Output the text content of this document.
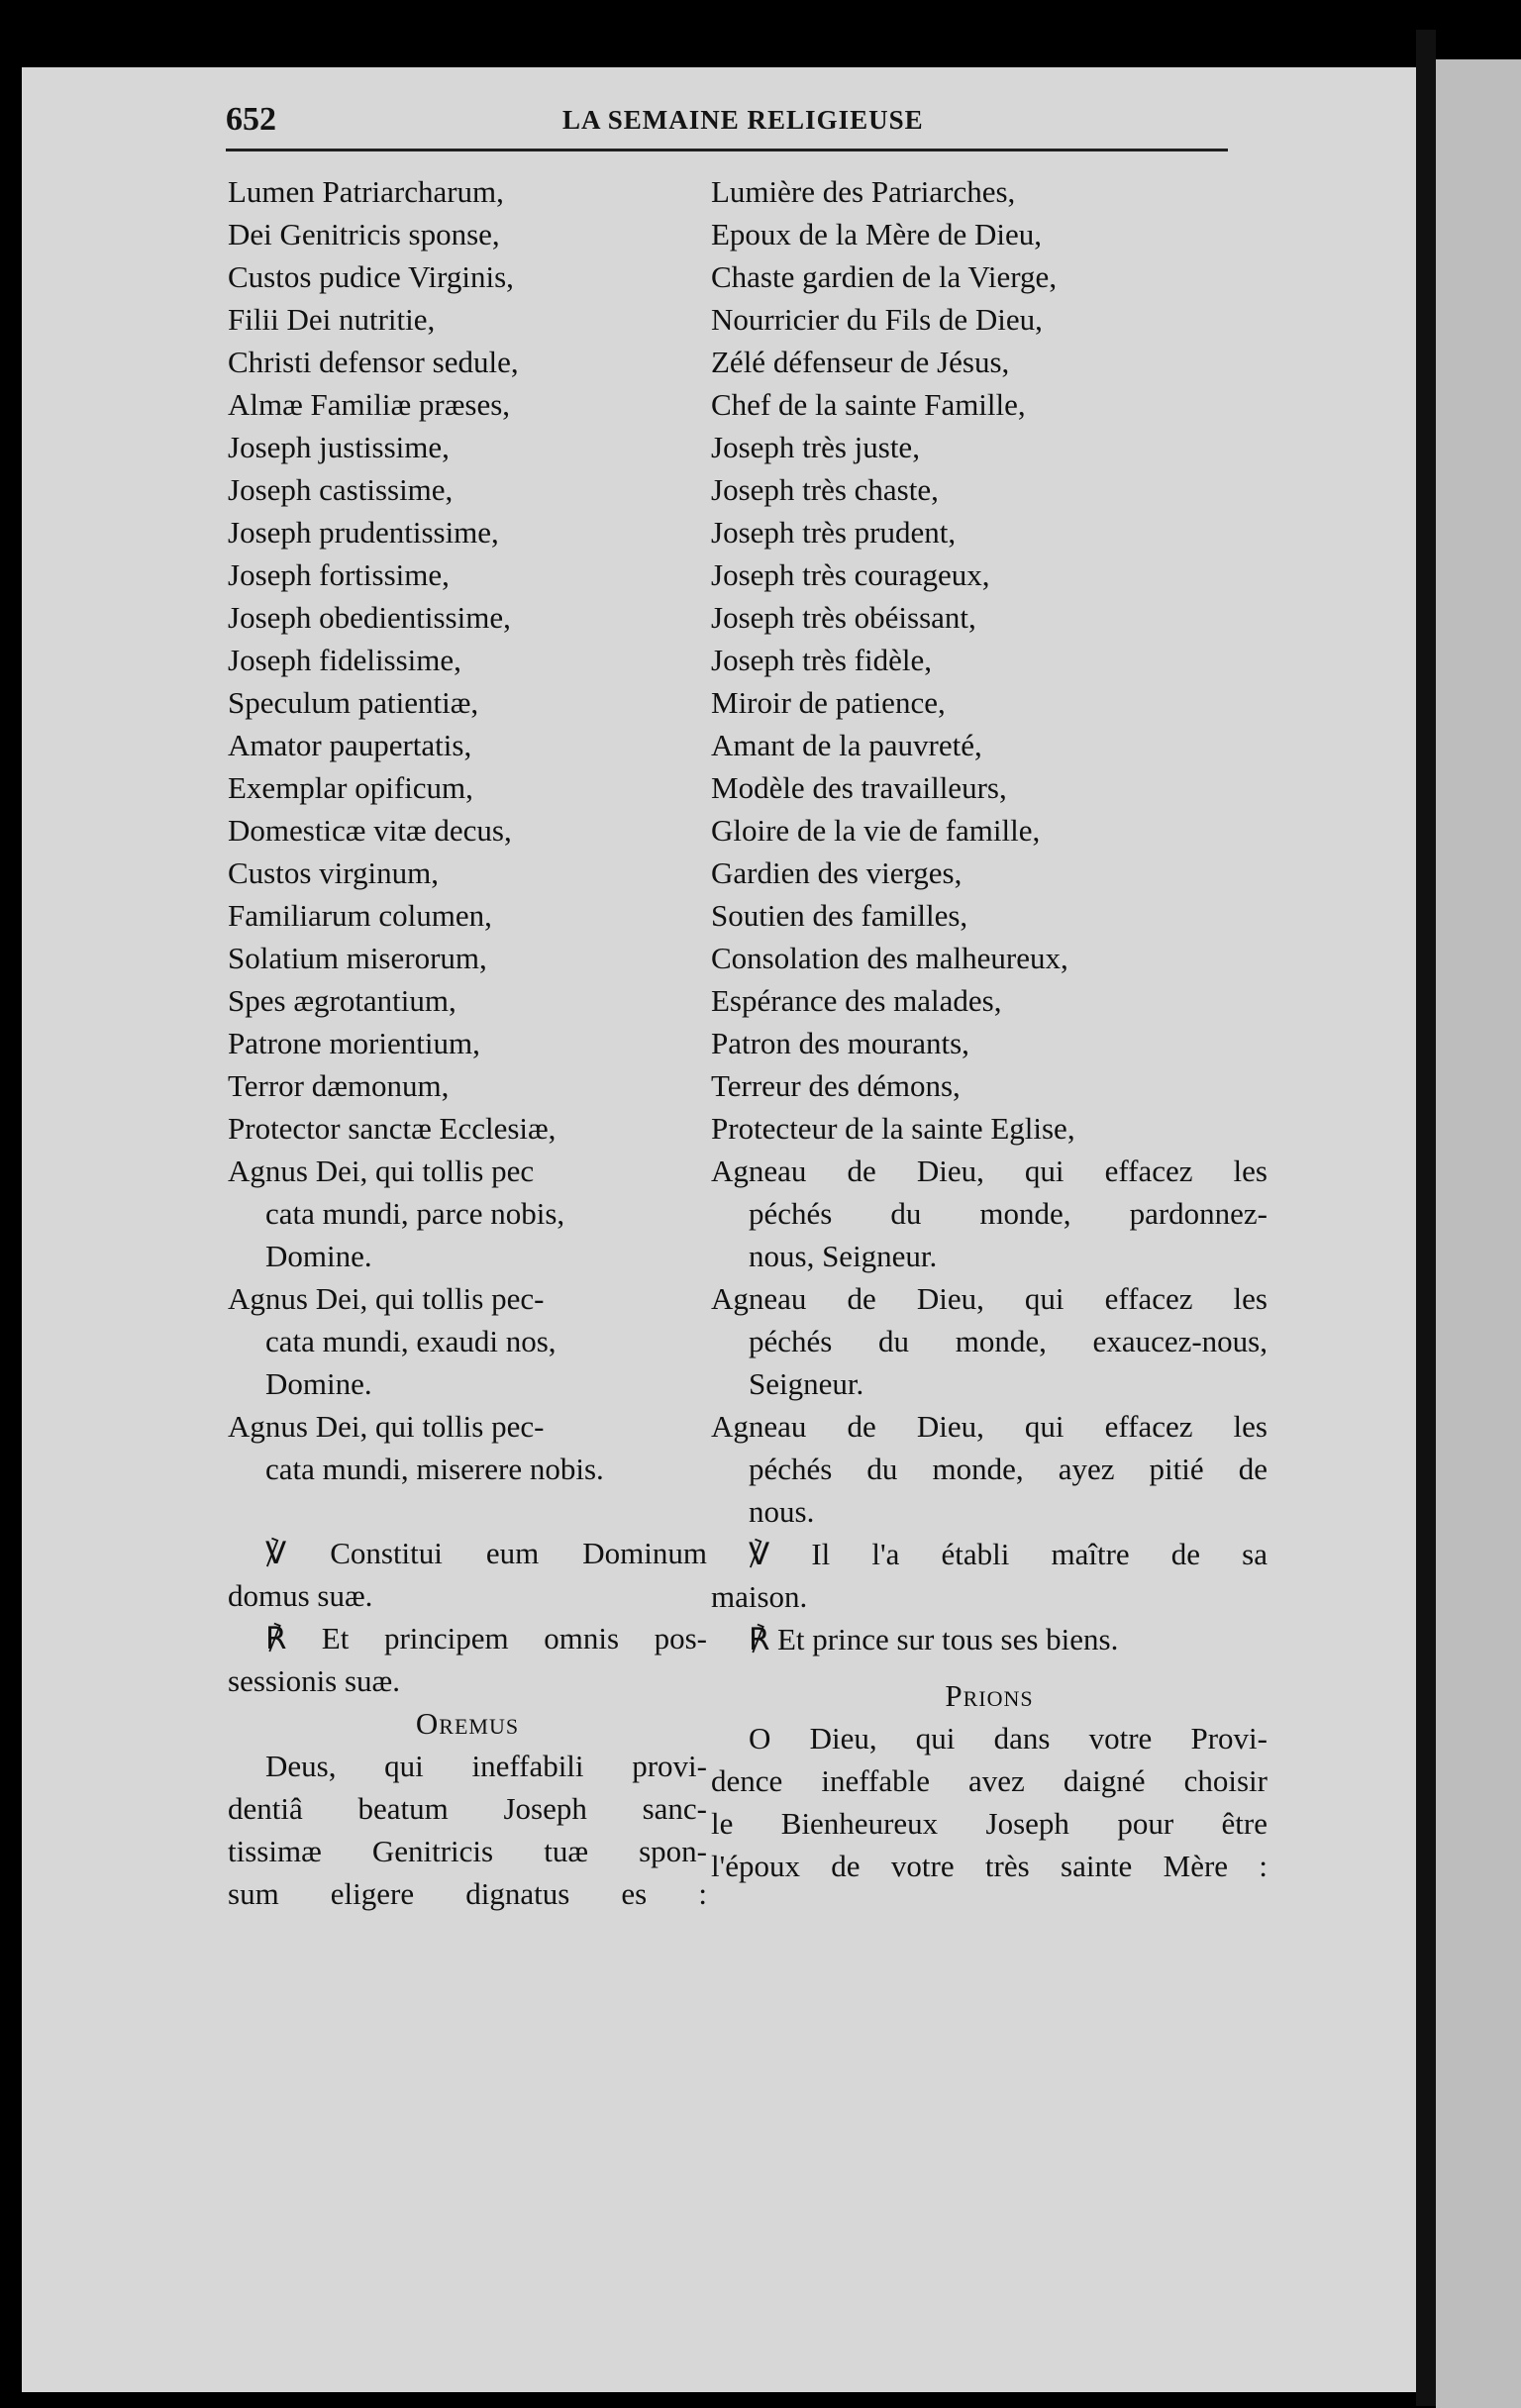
652	LA SEMAINE RELIGIEUSE
Lumen Patriarcharum,
Dei Genitricis sponse,
Custos pudice Virginis,
Filii Dei nutritie,
Christi defensor sedule,
Almæ Familiæ præses,
Joseph justissime,
Joseph castissime,
Joseph prudentissime,
Joseph fortissime,
Joseph obedientissime,
Joseph fidelissime,
Speculum patientiæ,
Amator paupertatis,
Exemplar opificum,
Domesticæ vitæ decus,
Custos virginum,
Familiarum columen,
Solatium miserorum,
Spes ægrotantium,
Patrone morientium,
Terror dæmonum,
Protector sanctæ Ecclesiæ,
Agnus Dei, qui tollis pec
cata mundi, parce nobis,
Domine.
Agnus Dei, qui tollis pec-
cata mundi, exaudi nos,
Domine.
Agnus Dei, qui tollis pec-
cata mundi, miserere nobis.
℣ Constitui eum Dominum
domus suæ.
℟ Et principem omnis pos-
sessionis suæ.
Oremus
Deus, qui ineffabili provi-
dentiâ beatum Joseph sanc-
tissimæ Genitricis tuæ spon-
sum eligere dignatus es :
Lumière des Patriarches,
Epoux de la Mère de Dieu,
Chaste gardien de la Vierge,
Nourricier du Fils de Dieu,
Zélé défenseur de Jésus,
Chef de la sainte Famille,
Joseph très juste,
Joseph très chaste,
Joseph très prudent,
Joseph très courageux,
Joseph très obéissant,
Joseph très fidèle,
Miroir de patience,
Amant de la pauvreté,
Modèle des travailleurs,
Gloire de la vie de famille,
Gardien des vierges,
Soutien des familles,
Consolation des malheureux,
Espérance des malades,
Patron des mourants,
Terreur des démons,
Protecteur de la sainte Eglise,
Agneau de Dieu, qui effacez les
péchés du monde, pardonnez-
nous, Seigneur.
Agneau de Dieu, qui effacez les
péchés du monde, exaucez-nous,
Seigneur.
Agneau de Dieu, qui effacez les
péchés du monde, ayez pitié de
nous.
℣ Il l'a établi maître de sa
maison.
℟ Et prince sur tous ses biens.
Prions
O Dieu, qui dans votre Provi-
dence ineffable avez daigné choisir
le Bienheureux Joseph pour être
l'époux de votre très sainte Mère :
